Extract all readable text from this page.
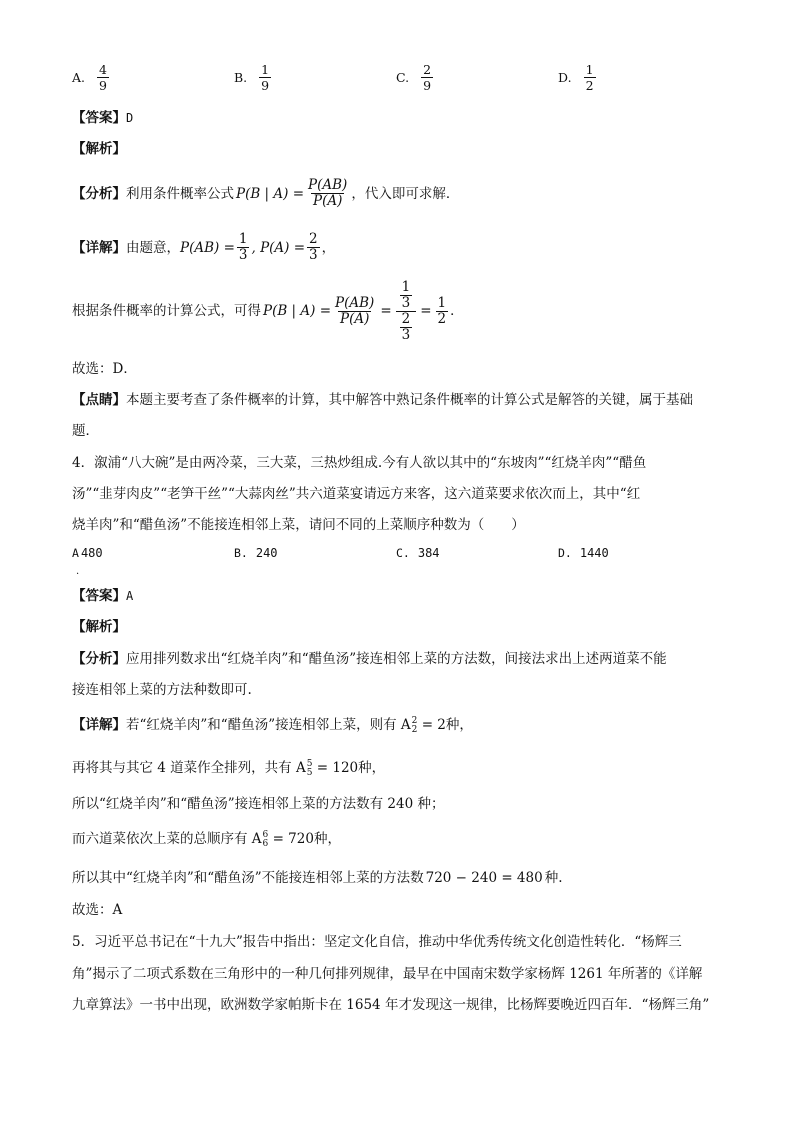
A. $\frac{4}{9}$	B. $\frac{1}{9}$	C. $\frac{2}{9}$	D. $\frac{1}{2}$
【答案】D
【解析】
【分析】 利用条件概率公式 P(B | $A) = \frac{P(AB)}{P(A)}$ ，代入即可求解．
【详解】 由题意， $P(AB) = \frac{1}{3}$ , $P(A) = \frac{2}{3}$ ，
根据条件概率的计算公式，可得 P(B | $A) = \frac{P(AB)}{P(A)} = \frac{\frac{1}{3}}{\frac{2}{3}} = \frac{1}{2}$ ．
故选：D．
【点睛】本题主要考查了条件概率的计算，其中解答中熟记条件概率的计算公式是解答的关键，属于基础
题．
4．溆浦“八大碗”是由两冷菜，三大菜，三热炒组成.今有人欲以其中的“东坡肉”“红烧羊肉”“醋鱼
汤”“韭芽肉皮”“老笋干丝”“大蒜肉丝”共六道菜宴请远方来客，这六道菜要求依次而上，其中“红
烧羊肉”和“醋鱼汤”不能接连相邻上菜，请问不同的上菜顺序种数为（　　）
A 480	B. 240	C. 384	D. 1440
.
【答案】A
【解析】
【分析】应用排列数求出“红烧羊肉”和“醋鱼汤”接连相邻上菜的方法数，间接法求出上述两道菜不能
接连相邻上菜的方法种数即可.
【详解】若“红烧羊肉”和“醋鱼汤”接连相邻上菜，则有 A 2
2 = 2种，
再将其与其它 4 道菜作全排列，共有 A 5
5 = 120种，
所以“红烧羊肉”和“醋鱼汤”接连相邻上菜的方法数有 240 种；
而六道菜依次上菜的总顺序有 A 6
6 = 720种，
所以其中“红烧羊肉”和“醋鱼汤”不能接连相邻上菜的方法数 720 − 240 = 480 种.
故选：A
5．习近平总书记在“十九大”报告中指出：坚定文化自信，推动中华优秀传统文化创造性转化．“杨辉三
角”揭示了二项式系数在三角形中的一种几何排列规律，最早在中国南宋数学家杨辉 1261 年所著的《详解
九章算法》一书中出现，欧洲数学家帕斯卡在 1654 年才发现这一规律，比杨辉要晚近四百年．“杨辉三角”
